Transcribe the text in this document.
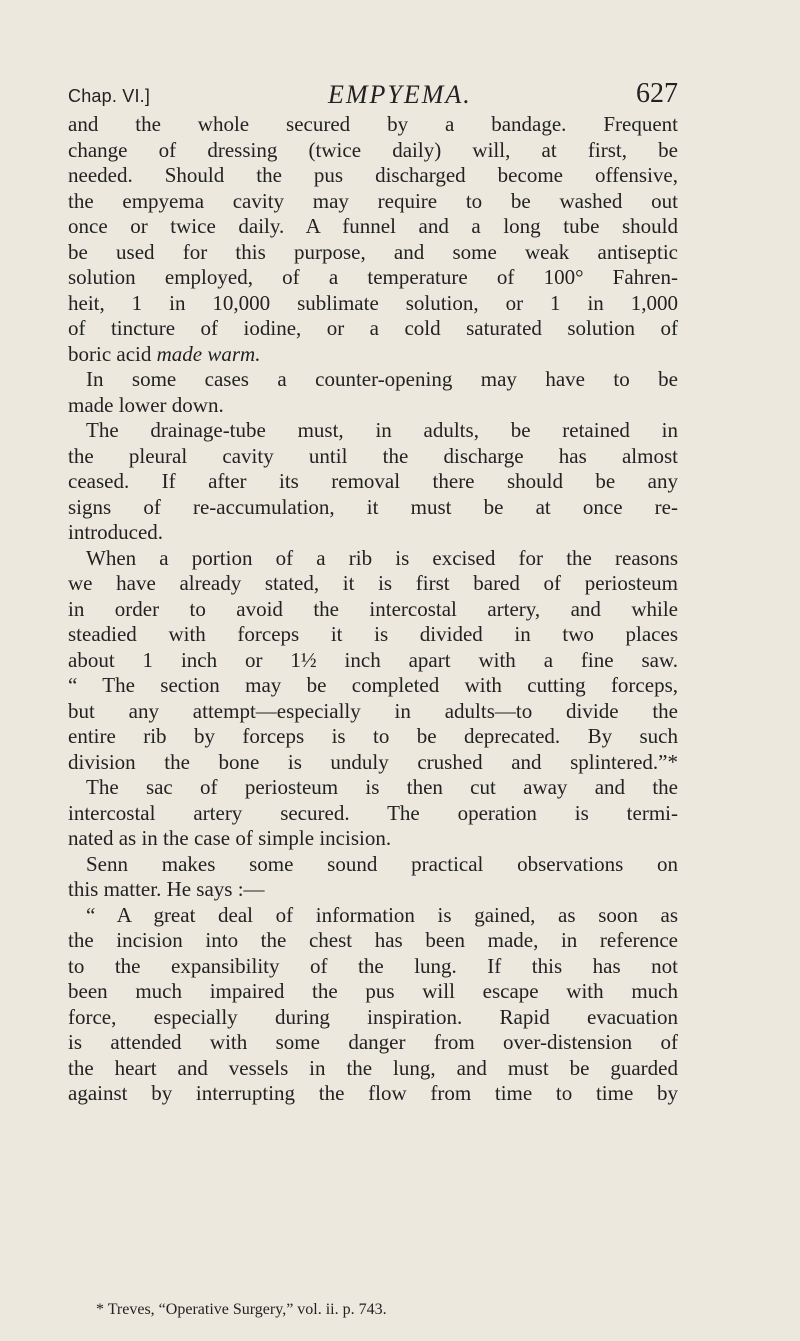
Chap. VI.]	EMPYEMA.	627
and the whole secured by a bandage. Frequent
change of dressing (twice daily) will, at first, be
needed. Should the pus discharged become offensive,
the empyema cavity may require to be washed out
once or twice daily. A funnel and a long tube should
be used for this purpose, and some weak antiseptic
solution employed, of a temperature of 100° Fahren-
heit, 1 in 10,000 sublimate solution, or 1 in 1,000
of tincture of iodine, or a cold saturated solution of
boric acid made warm.
In some cases a counter-opening may have to be
made lower down.
The drainage-tube must, in adults, be retained in
the pleural cavity until the discharge has almost
ceased. If after its removal there should be any
signs of re-accumulation, it must be at once re-
introduced.
When a portion of a rib is excised for the reasons
we have already stated, it is first bared of periosteum
in order to avoid the intercostal artery, and while
steadied with forceps it is divided in two places
about 1 inch or 1½ inch apart with a fine saw.
“ The section may be completed with cutting forceps,
but any attempt—especially in adults—to divide the
entire rib by forceps is to be deprecated. By such
division the bone is unduly crushed and splintered.”*
The sac of periosteum is then cut away and the
intercostal artery secured. The operation is termi-
nated as in the case of simple incision.
Senn makes some sound practical observations on
this matter. He says :—
“ A great deal of information is gained, as soon as
the incision into the chest has been made, in reference
to the expansibility of the lung. If this has not
been much impaired the pus will escape with much
force, especially during inspiration. Rapid evacuation
is attended with some danger from over-distension of
the heart and vessels in the lung, and must be guarded
against by interrupting the flow from time to time by
* Treves, “Operative Surgery,” vol. ii. p. 743.
